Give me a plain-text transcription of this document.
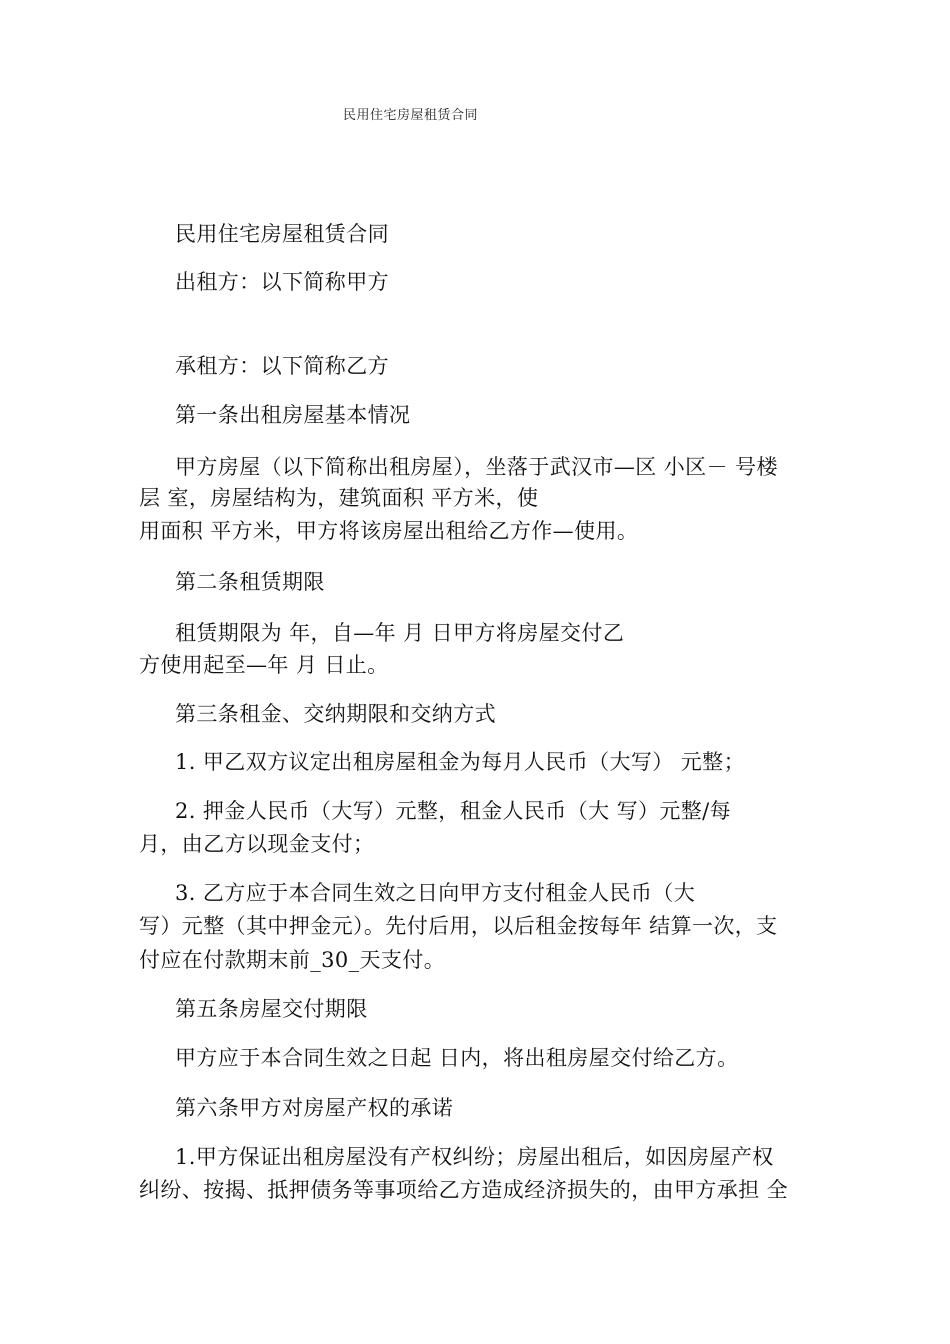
民用住宅房屋租赁合同
民用住宅房屋租赁合同
出租方：以下简称甲方
承租方：以下简称乙方
第一条出租房屋基本情况
甲方房屋（以下简称出租房屋），坐落于武汉市—区 小区－ 号楼
层 室，房屋结构为，建筑面积 平方米，使
用面积 平方米，甲方将该房屋出租给乙方作—使用。
第二条租赁期限
租赁期限为 年，自—年 月 日甲方将房屋交付乙
方使用起至—年 月 日止。
第三条租金、交纳期限和交纳方式
1. 甲乙双方议定出租房屋租金为每月人民币（大写） 元整；
2. 押金人民币（大写）元整，租金人民币（大 写）元整/每
月，由乙方以现金支付；
3. 乙方应于本合同生效之日向甲方支付租金人民币（大
写）元整（其中押金元）。先付后用，以后租金按每年 结算一次，支
付应在付款期末前_30_天支付。
第五条房屋交付期限
甲方应于本合同生效之日起 日内，将出租房屋交付给乙方。
第六条甲方对房屋产权的承诺
1.甲方保证出租房屋没有产权纠纷；房屋出租后，如因房屋产权
纠纷、按揭、抵押债务等事项给乙方造成经济损失的，由甲方承担 全
